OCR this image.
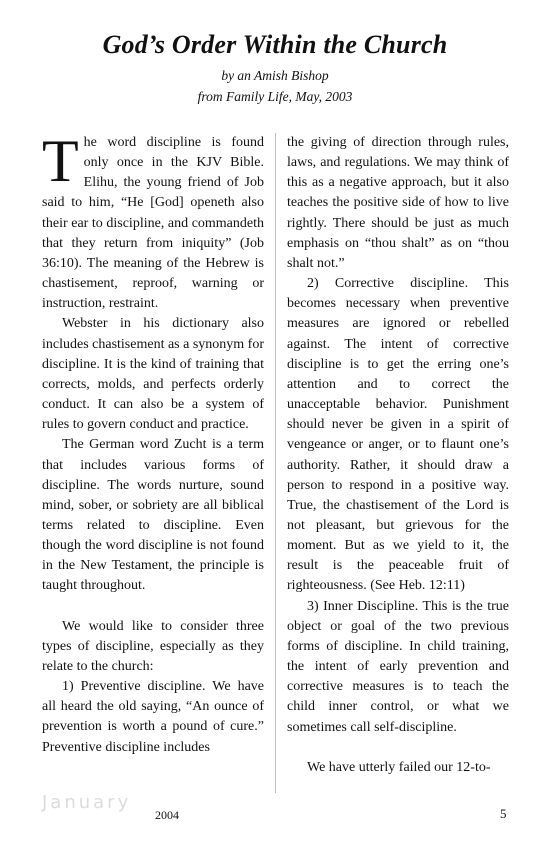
God’s Order Within the Church
by an Amish Bishop
from Family Life, May, 2003

The word discipline is found only once in the KJV Bible. Elihu, the young friend of Job said to him, “He [God] openeth also their ear to discipline, and commandeth that they return from iniquity” (Job 36:10). The meaning of the Hebrew is chastisement, reproof, warning or instruction, restraint.

Webster in his dictionary also includes chastisement as a synonym for discipline. It is the kind of training that corrects, molds, and perfects orderly conduct. It can also be a system of rules to govern conduct and practice.

The German word Zucht is a term that includes various forms of discipline. The words nurture, sound mind, sober, or sobriety are all biblical terms related to discipline. Even though the word discipline is not found in the New Testament, the principle is taught throughout.

We would like to consider three types of discipline, especially as they relate to the church:

1) Preventive discipline. We have all heard the old saying, “An ounce of prevention is worth a pound of cure.” Preventive discipline includes

the giving of direction through rules, laws, and regulations. We may think of this as a negative approach, but it also teaches the positive side of how to live rightly. There should be just as much emphasis on “thou shalt” as on “thou shalt not.”

2) Corrective discipline. This becomes necessary when preventive measures are ignored or rebelled against. The intent of corrective discipline is to get the erring one’s attention and to correct the unacceptable behavior. Punishment should never be given in a spirit of vengeance or anger, or to flaunt one’s authority. Rather, it should draw a person to respond in a positive way. True, the chastisement of the Lord is not pleasant, but grievous for the moment. But as we yield to it, the result is the peaceable fruit of righteousness. (See Heb. 12:11)

3) Inner Discipline. This is the true object or goal of the two previous forms of discipline. In child training, the intent of early prevention and corrective measures is to teach the child inner control, or what we sometimes call self-discipline.

We have utterly failed our 12-to-

January
2004	5
